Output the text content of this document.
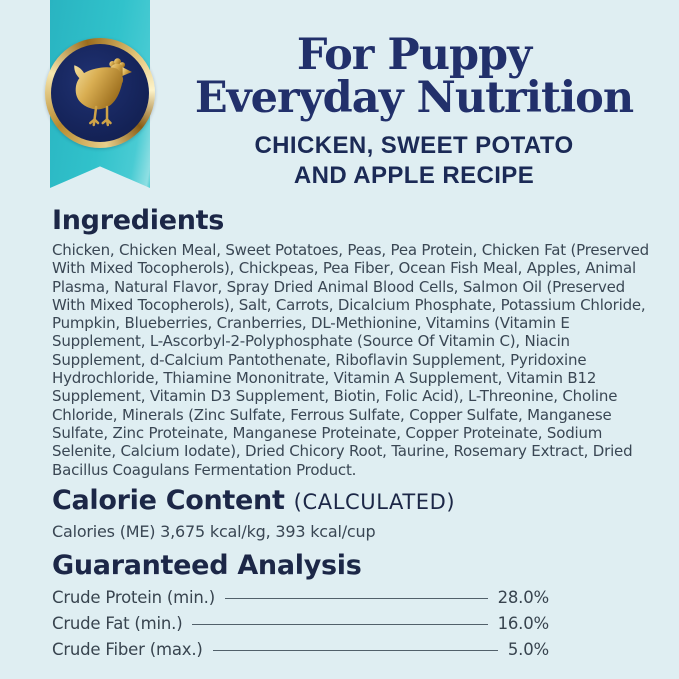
For Puppy
Everyday Nutrition
CHICKEN, SWEET POTATO
AND APPLE RECIPE
Ingredients
Chicken, Chicken Meal, Sweet Potatoes, Peas, Pea Protein, Chicken Fat (Preserved With Mixed Tocopherols), Chickpeas, Pea Fiber, Ocean Fish Meal, Apples, Animal Plasma, Natural Flavor, Spray Dried Animal Blood Cells, Salmon Oil (Preserved With Mixed Tocopherols), Salt, Carrots, Dicalcium Phosphate, Potassium Chloride, Pumpkin, Blueberries, Cranberries, DL-Methionine, Vitamins (Vitamin E Supplement, L-Ascorbyl-2-Polyphosphate (Source Of Vitamin C), Niacin Supplement, d-Calcium Pantothenate, Riboflavin Supplement, Pyridoxine Hydrochloride, Thiamine Mononitrate, Vitamin A Supplement, Vitamin B12 Supplement, Vitamin D3 Supplement, Biotin, Folic Acid), L-Threonine, Choline Chloride, Minerals (Zinc Sulfate, Ferrous Sulfate, Copper Sulfate, Manganese Sulfate, Zinc Proteinate, Manganese Proteinate, Copper Proteinate, Sodium Selenite, Calcium Iodate), Dried Chicory Root, Taurine, Rosemary Extract, Dried Bacillus Coagulans Fermentation Product.
Calorie Content (CALCULATED)
Calories (ME) 3,675 kcal/kg, 393 kcal/cup
Guaranteed Analysis
Crude Protein (min.)	28.0%
Crude Fat (min.)	16.0%
Crude Fiber (max.)	5.0%
